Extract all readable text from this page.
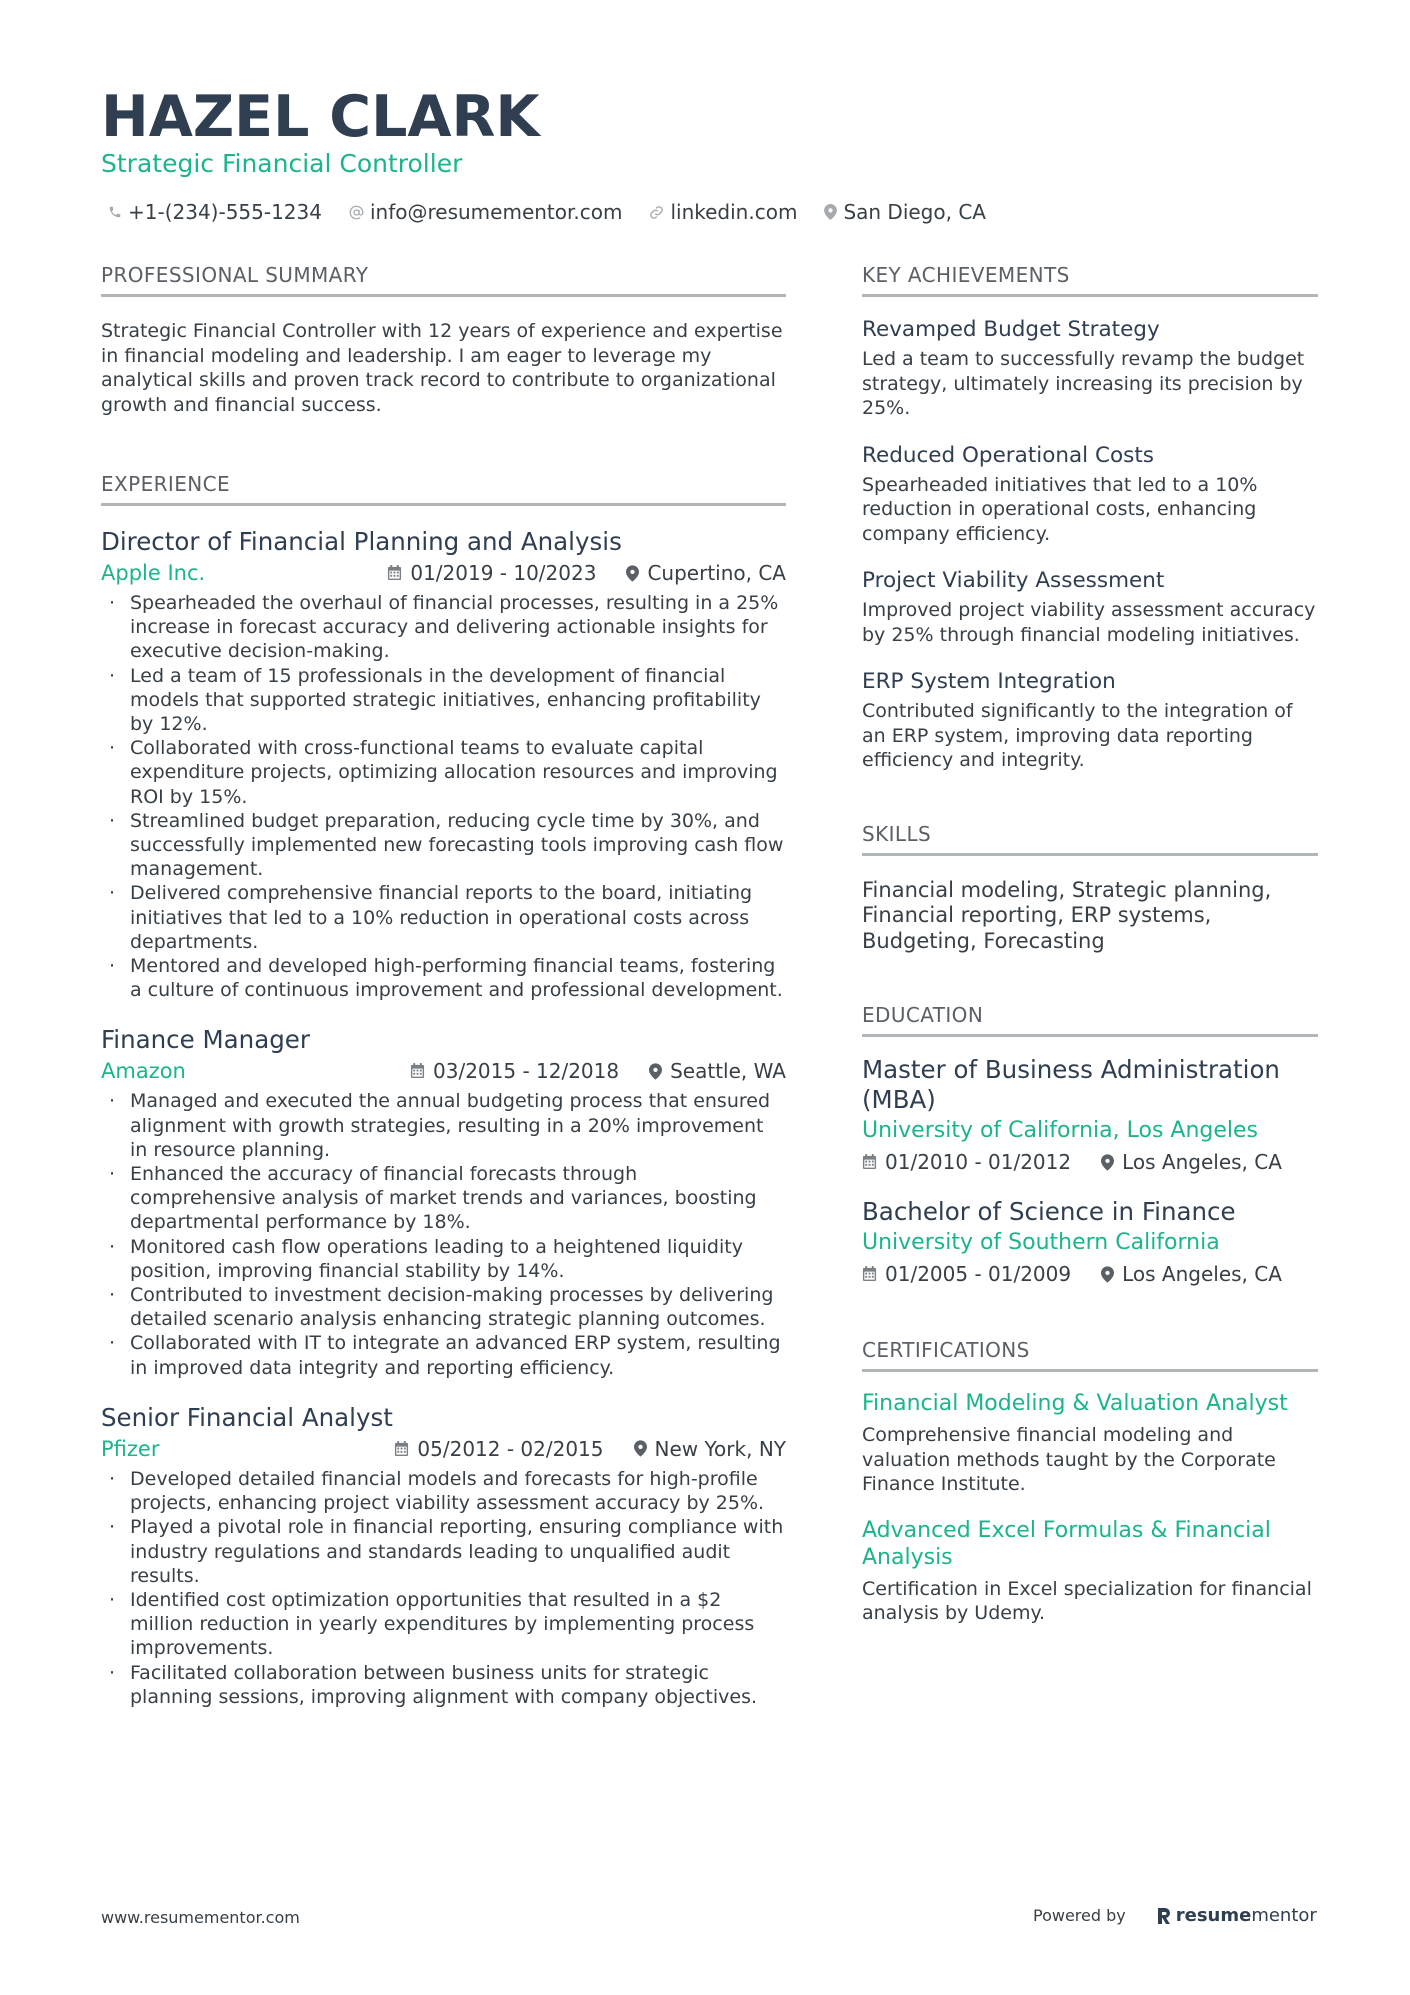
HAZEL CLARK
Strategic Financial Controller
+1-(234)-555-1234 info@resumementor.com linkedin.com San Diego, CA
PROFESSIONAL SUMMARY

Strategic Financial Controller with 12 years of experience and expertise in financial modeling and leadership. I am eager to leverage my analytical skills and proven track record to contribute to organizational growth and financial success.

EXPERIENCE
Director of Financial Planning and Analysis
Apple Inc.	01/2019 - 10/2023	Cupertino, CA
· Spearheaded the overhaul of financial processes, resulting in a 25% increase in forecast accuracy and delivering actionable insights for executive decision-making.
· Led a team of 15 professionals in the development of financial models that supported strategic initiatives, enhancing profitability by 12%.
· Collaborated with cross-functional teams to evaluate capital expenditure projects, optimizing allocation resources and improving ROI by 15%.
· Streamlined budget preparation, reducing cycle time by 30%, and successfully implemented new forecasting tools improving cash flow management.
· Delivered comprehensive financial reports to the board, initiating initiatives that led to a 10% reduction in operational costs across departments.
· Mentored and developed high-performing financial teams, fostering a culture of continuous improvement and professional development.
Finance Manager
Amazon	03/2015 - 12/2018	Seattle, WA
· Managed and executed the annual budgeting process that ensured alignment with growth strategies, resulting in a 20% improvement in resource planning.
· Enhanced the accuracy of financial forecasts through comprehensive analysis of market trends and variances, boosting departmental performance by 18%.
· Monitored cash flow operations leading to a heightened liquidity position, improving financial stability by 14%.
· Contributed to investment decision-making processes by delivering detailed scenario analysis enhancing strategic planning outcomes.
· Collaborated with IT to integrate an advanced ERP system, resulting in improved data integrity and reporting efficiency.
Senior Financial Analyst
Pfizer	05/2012 - 02/2015	New York, NY
· Developed detailed financial models and forecasts for high-profile projects, enhancing project viability assessment accuracy by 25%.
· Played a pivotal role in financial reporting, ensuring compliance with industry regulations and standards leading to unqualified audit results.
· Identified cost optimization opportunities that resulted in a $2 million reduction in yearly expenditures by implementing process improvements.
· Facilitated collaboration between business units for strategic planning sessions, improving alignment with company objectives.
KEY ACHIEVEMENTS
Revamped Budget Strategy
Led a team to successfully revamp the budget strategy, ultimately increasing its precision by 25%.
Reduced Operational Costs
Spearheaded initiatives that led to a 10% reduction in operational costs, enhancing company efficiency.
Project Viability Assessment
Improved project viability assessment accuracy by 25% through financial modeling initiatives.
ERP System Integration
Contributed significantly to the integration of an ERP system, improving data reporting efficiency and integrity.
SKILLS
Financial modeling, Strategic planning, Financial reporting, ERP systems, Budgeting, Forecasting
EDUCATION
Master of Business Administration (MBA)
University of California, Los Angeles
01/2010 - 01/2012	Los Angeles, CA
Bachelor of Science in Finance
University of Southern California
01/2005 - 01/2009	Los Angeles, CA
CERTIFICATIONS
Financial Modeling & Valuation Analyst
Comprehensive financial modeling and valuation methods taught by the Corporate Finance Institute.
Advanced Excel Formulas & Financial Analysis
Certification in Excel specialization for financial analysis by Udemy.
www.resumementor.com	Powered by	resume mentor
